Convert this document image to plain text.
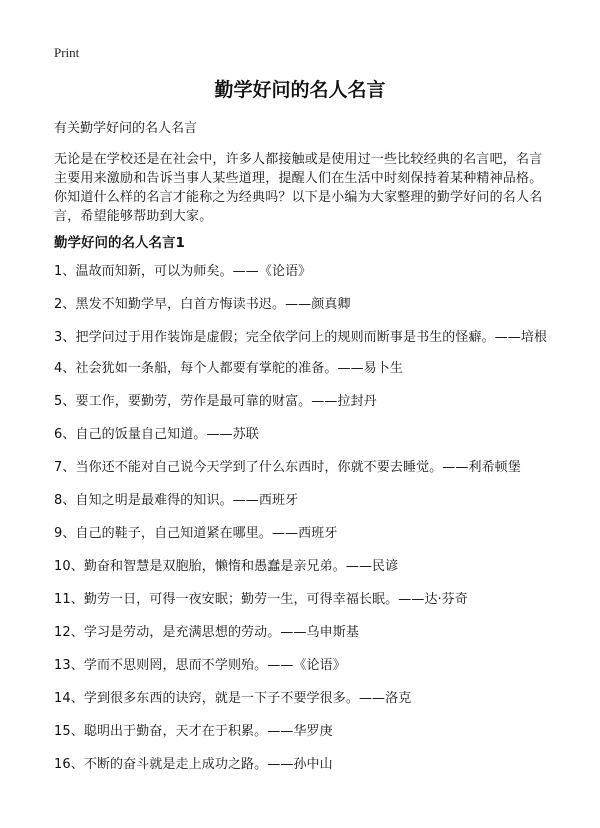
Print
勤学好问的名人名言
有关勤学好问的名人名言

无论是在学校还是在社会中，许多人都接触或是使用过一些比较经典的名言吧，名言主要用来激励和告诉当事人某些道理，提醒人们在生活中时刻保持着某种精神品格。你知道什么样的名言才能称之为经典吗？以下是小编为大家整理的勤学好问的名人名言，希望能够帮助到大家。

勤学好问的名人名言1
1、温故而知新，可以为师矣。——《论语》
2、黑发不知勤学早，白首方悔读书迟。——颜真卿
3、把学问过于用作装饰是虚假；完全依学问上的规则而断事是书生的怪癖。——培根
4、社会犹如一条船，每个人都要有掌舵的准备。——易卜生
5、要工作，要勤劳，劳作是最可靠的财富。——拉封丹
6、自己的饭量自己知道。——苏联
7、当你还不能对自己说今天学到了什么东西时，你就不要去睡觉。——利希顿堡
8、自知之明是最难得的知识。——西班牙
9、自己的鞋子，自己知道紧在哪里。——西班牙
10、勤奋和智慧是双胞胎，懒惰和愚蠢是亲兄弟。——民谚
11、勤劳一日，可得一夜安眠；勤劳一生，可得幸福长眠。——达·芬奇
12、学习是劳动，是充满思想的劳动。——乌申斯基
13、学而不思则罔，思而不学则殆。——《论语》
14、学到很多东西的诀窍，就是一下子不要学很多。——洛克
15、聪明出于勤奋，天才在于积累。——华罗庚
16、不断的奋斗就是走上成功之路。——孙中山
